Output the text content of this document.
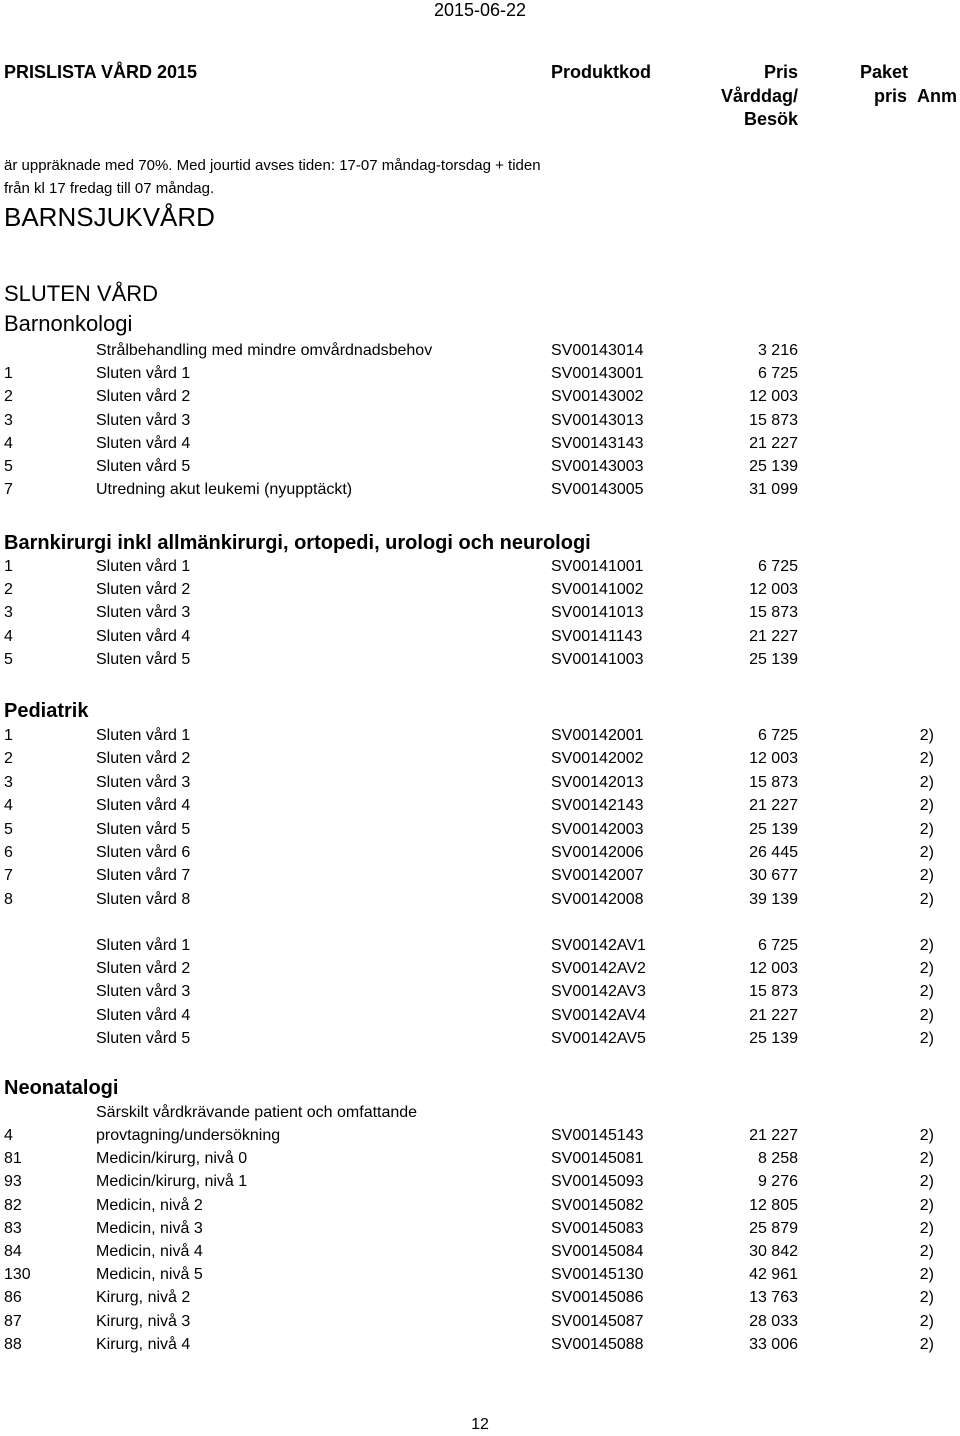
2015-06-22
PRISLISTA VÅRD 2015	Produktkod	Pris
Vårddag/
Besök
Paket
pris Anm
är uppräknade med 70%. Med jourtid avses tiden: 17-07 måndag-torsdag + tiden
från kl 17 fredag till 07 måndag.
BARNSJUKVÅRD
SLUTEN VÅRD
Barnonkologi
Strålbehandling med mindre omvårdnadsbehov	SV00143014	3 216
1	Sluten vård 1	SV00143001	6 725
2	Sluten vård 2	SV00143002	12 003
3	Sluten vård 3	SV00143013	15 873
4	Sluten vård 4	SV00143143	21 227
5	Sluten vård 5	SV00143003	25 139
7	Utredning akut leukemi (nyupptäckt)	SV00143005	31 099
Barnkirurgi inkl allmänkirurgi, ortopedi, urologi och neurologi
1	Sluten vård 1	SV00141001	6 725
2	Sluten vård 2	SV00141002	12 003
3	Sluten vård 3	SV00141013	15 873
4	Sluten vård 4	SV00141143	21 227
5	Sluten vård 5	SV00141003	25 139
Pediatrik
1	Sluten vård 1	SV00142001	6 725	2)
2	Sluten vård 2	SV00142002	12 003	2)
3	Sluten vård 3	SV00142013	15 873	2)
4	Sluten vård 4	SV00142143	21 227	2)
5	Sluten vård 5	SV00142003	25 139	2)
6	Sluten vård 6	SV00142006	26 445	2)
7	Sluten vård 7	SV00142007	30 677	2)
8	Sluten vård 8	SV00142008	39 139	2)
Sluten vård 1	SV00142AV1	6 725	2)
Sluten vård 2	SV00142AV2	12 003	2)
Sluten vård 3	SV00142AV3	15 873	2)
Sluten vård 4	SV00142AV4	21 227	2)
Sluten vård 5	SV00142AV5	25 139	2)
Neonatalogi
Särskilt vårdkrävande patient och omfattande
4	provtagning/undersökning	SV00145143	21 227	2)
81	Medicin/kirurg, nivå 0	SV00145081	8 258	2)
93	Medicin/kirurg, nivå 1	SV00145093	9 276	2)
82	Medicin, nivå 2	SV00145082	12 805	2)
83	Medicin, nivå 3	SV00145083	25 879	2)
84	Medicin, nivå 4	SV00145084	30 842	2)
130	Medicin, nivå 5	SV00145130	42 961	2)
86	Kirurg, nivå 2	SV00145086	13 763	2)
87	Kirurg, nivå 3	SV00145087	28 033	2)
88	Kirurg, nivå 4	SV00145088	33 006	2)
12
